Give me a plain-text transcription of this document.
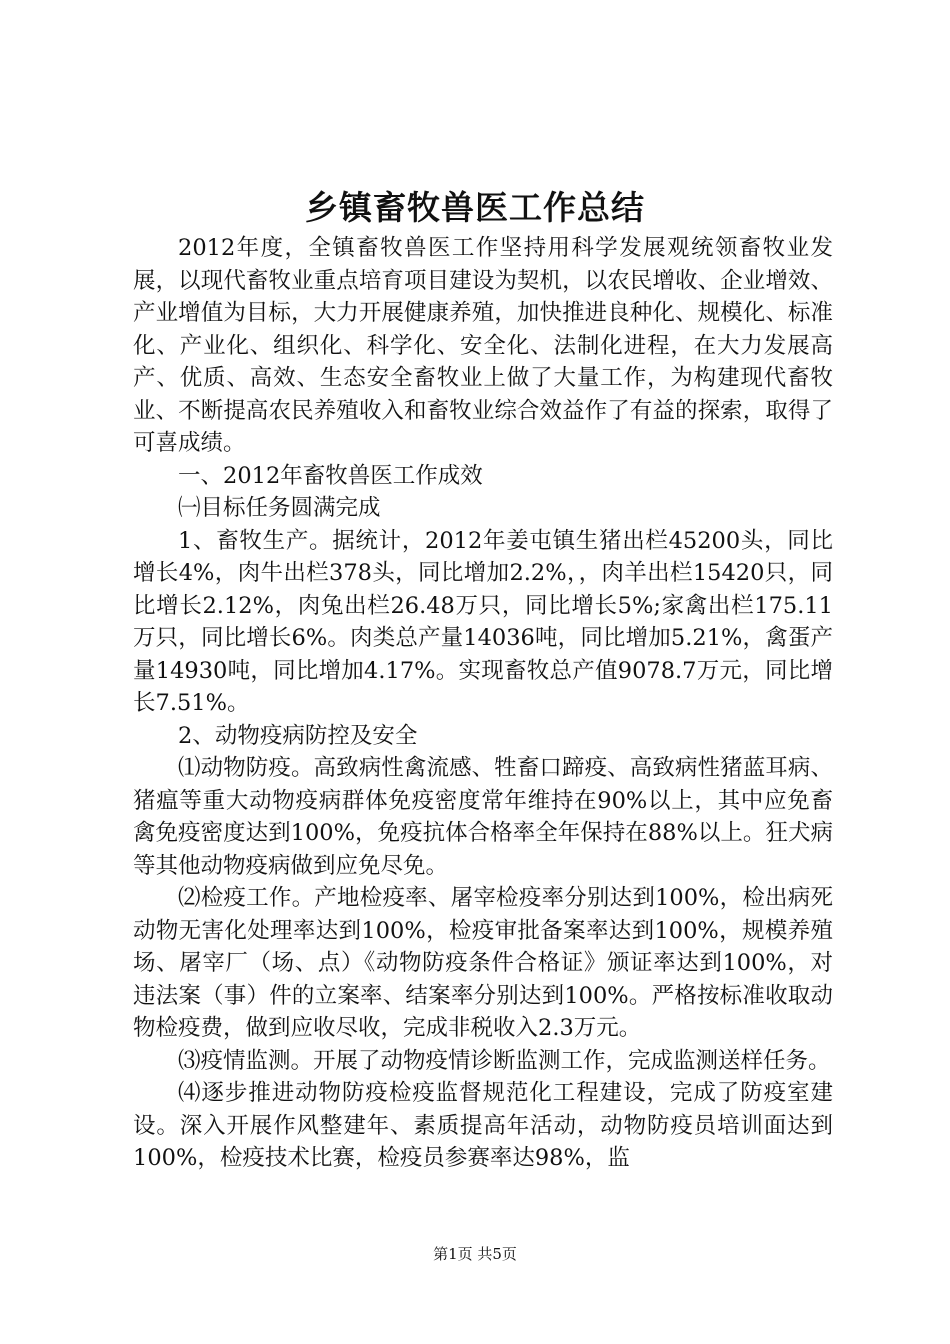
乡镇畜牧兽医工作总结

2012年度，全镇畜牧兽医工作坚持用科学发展观统领畜牧业发展，以现代畜牧业重点培育项目建设为契机，以农民增收、企业增效、产业增值为目标，大力开展健康养殖，加快推进良种化、规模化、标准化、产业化、组织化、科学化、安全化、法制化进程，在大力发展高产、优质、高效、生态安全畜牧业上做了大量工作，为构建现代畜牧业、不断提高农民养殖收入和畜牧业综合效益作了有益的探索，取得了可喜成绩。

一、2012年畜牧兽医工作成效

㈠目标任务圆满完成

1、畜牧生产。据统计，2012年姜屯镇生猪出栏45200头，同比增长4%，肉牛出栏378头，同比增加2.2%，，肉羊出栏15420只，同比增长2.12%，肉兔出栏26.48万只，同比增长5%;家禽出栏175.11万只，同比增长6%。肉类总产量14036吨，同比增加5.21%，禽蛋产量14930吨，同比增加4.17%。实现畜牧总产值9078.7万元，同比增长7.51%。

2、动物疫病防控及安全

⑴动物防疫。高致病性禽流感、牲畜口蹄疫、高致病性猪蓝耳病、猪瘟等重大动物疫病群体免疫密度常年维持在90%以上，其中应免畜禽免疫密度达到100%，免疫抗体合格率全年保持在88%以上。狂犬病等其他动物疫病做到应免尽免。

⑵检疫工作。产地检疫率、屠宰检疫率分别达到100%，检出病死动物无害化处理率达到100%，检疫审批备案率达到100%，规模养殖场、屠宰厂（场、点）《动物防疫条件合格证》颁证率达到100%，对违法案（事）件的立案率、结案率分别达到100%。严格按标准收取动物检疫费，做到应收尽收，完成非税收入2.3万元。

⑶疫情监测。开展了动物疫情诊断监测工作，完成监测送样任务。

⑷逐步推进动物防疫检疫监督规范化工程建设，完成了防疫室建设。深入开展作风整建年、素质提高年活动，动物防疫员培训面达到100%，检疫技术比赛，检疫员参赛率达98%，监

第1页 共5页
